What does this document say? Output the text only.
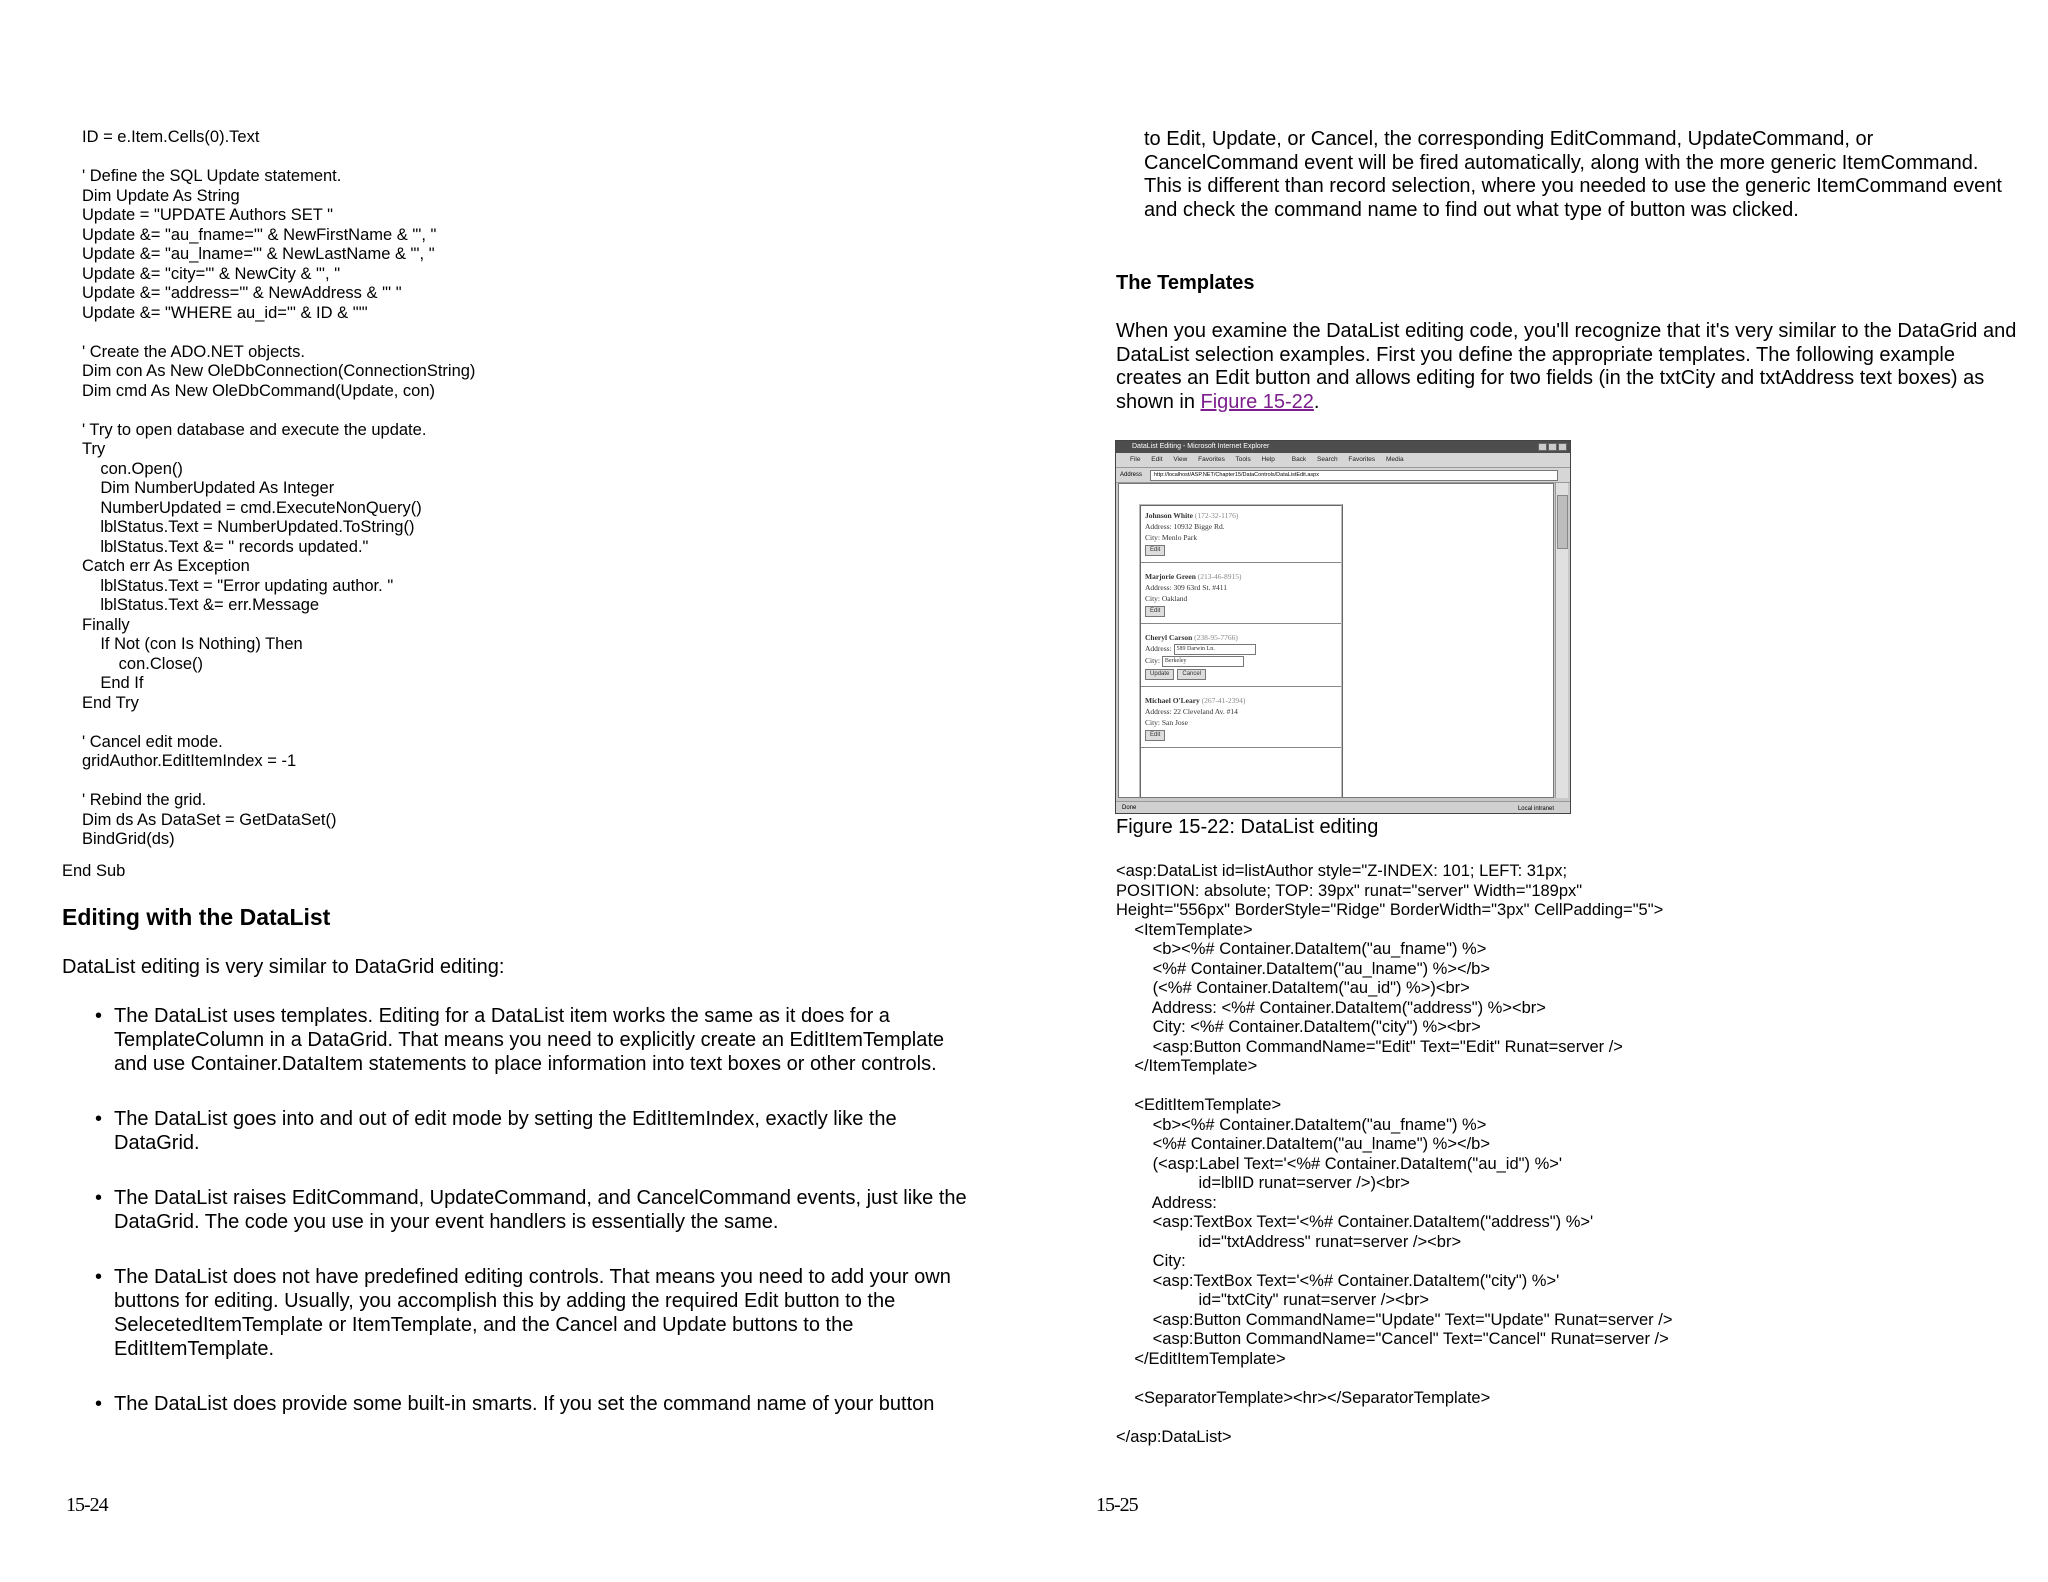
ID = e.Item.Cells(0).Text

' Define the SQL Update statement.
Dim Update As String
Update = "UPDATE Authors SET "
Update &= "au_fname='" & NewFirstName & "', "
Update &= "au_lname='" & NewLastName & "', "
Update &= "city='" & NewCity & "', "
Update &= "address='" & NewAddress & "' "
Update &= "WHERE au_id='" & ID & "'"

' Create the ADO.NET objects.
Dim con As New OleDbConnection(ConnectionString)
Dim cmd As New OleDbCommand(Update, con)

' Try to open database and execute the update.
Try
con.Open()
Dim NumberUpdated As Integer
NumberUpdated = cmd.ExecuteNonQuery()
lblStatus.Text = NumberUpdated.ToString()
lblStatus.Text &= " records updated."
Catch err As Exception
lblStatus.Text = "Error updating author. "
lblStatus.Text &= err.Message
Finally
If Not (con Is Nothing) Then
con.Close()
End If
End Try

' Cancel edit mode.
gridAuthor.EditItemIndex = -1

' Rebind the grid.
Dim ds As DataSet = GetDataSet()
BindGrid(ds)
End Sub
Editing with the DataList

DataList editing is very similar to DataGrid editing:

• The DataList uses templates. Editing for a DataList item works the same as it does for a TemplateColumn in a DataGrid. That means you need to explicitly create an EditItemTemplate and use Container.DataItem statements to place information into text boxes or other controls.
• The DataList goes into and out of edit mode by setting the EditItemIndex, exactly like the DataGrid.
• The DataList raises EditCommand, UpdateCommand, and CancelCommand events, just like the DataGrid. The code you use in your event handlers is essentially the same.
• The DataList does not have predefined editing controls. That means you need to add your own buttons for editing. Usually, you accomplish this by adding the required Edit button to the SelecetedItemTemplate or ItemTemplate, and the Cancel and Update buttons to the EditItemTemplate.
• The DataList does provide some built-in smarts. If you set the command name of your button
15-24

to Edit, Update, or Cancel, the corresponding EditCommand, UpdateCommand, or CancelCommand event will be fired automatically, along with the more generic ItemCommand. This is different than record selection, where you needed to use the generic ItemCommand event and check the command name to find out what type of button was clicked.

The Templates

When you examine the DataList editing code, you'll recognize that it's very similar to the DataGrid and DataList selection examples. First you define the appropriate templates. The following example creates an Edit button and allows editing for two fields (in the txtCity and txtAddress text boxes) as shown in Figure 15-22.

DataList Editing - Microsoft Internet Explorer
File Edit View Favorites Tools Help	Back Search Favorites Media
Address	http://localhost/ASP.NET/Chapter15/DataControls/DataListEdit.aspx
Johnson White (172-32-1176)
Address: 10932 Bigge Rd.
City: Menlo Park
Edit
Marjorie Green (213-46-8915)
Address: 309 63rd St. #411
City: Oakland
Edit
Cheryl Carson (238-95-7766)
Address: 589 Darwin Ln.
City: Berkeley
Update Cancel
Michael O'Leary (267-41-2394)
Address: 22 Cleveland Av. #14
City: San Jose
Edit
Done	Local intranet
Figure 15-22: DataList editing
<asp:DataList id=listAuthor style="Z-INDEX: 101; LEFT: 31px;
POSITION: absolute; TOP: 39px" runat="server" Width="189px"
Height="556px" BorderStyle="Ridge" BorderWidth="3px" CellPadding="5">
<ItemTemplate>
<b><%# Container.DataItem("au_fname") %>
<%# Container.DataItem("au_lname") %></b>
(<%# Container.DataItem("au_id") %>)<br>
Address: <%# Container.DataItem("address") %><br>
City: <%# Container.DataItem("city") %><br>
<asp:Button CommandName="Edit" Text="Edit" Runat=server />
</ItemTemplate>

<EditItemTemplate>
<b><%# Container.DataItem("au_fname") %>
<%# Container.DataItem("au_lname") %></b>
(<asp:Label Text='<%# Container.DataItem("au_id") %>'
id=lblID runat=server />)<br>
Address:
<asp:TextBox Text='<%# Container.DataItem("address") %>'
id="txtAddress" runat=server /><br>
City:
<asp:TextBox Text='<%# Container.DataItem("city") %>'
id="txtCity" runat=server /><br>
<asp:Button CommandName="Update" Text="Update" Runat=server />
<asp:Button CommandName="Cancel" Text="Cancel" Runat=server />
</EditItemTemplate>

<SeparatorTemplate><hr></SeparatorTemplate>

</asp:DataList>
15-25
